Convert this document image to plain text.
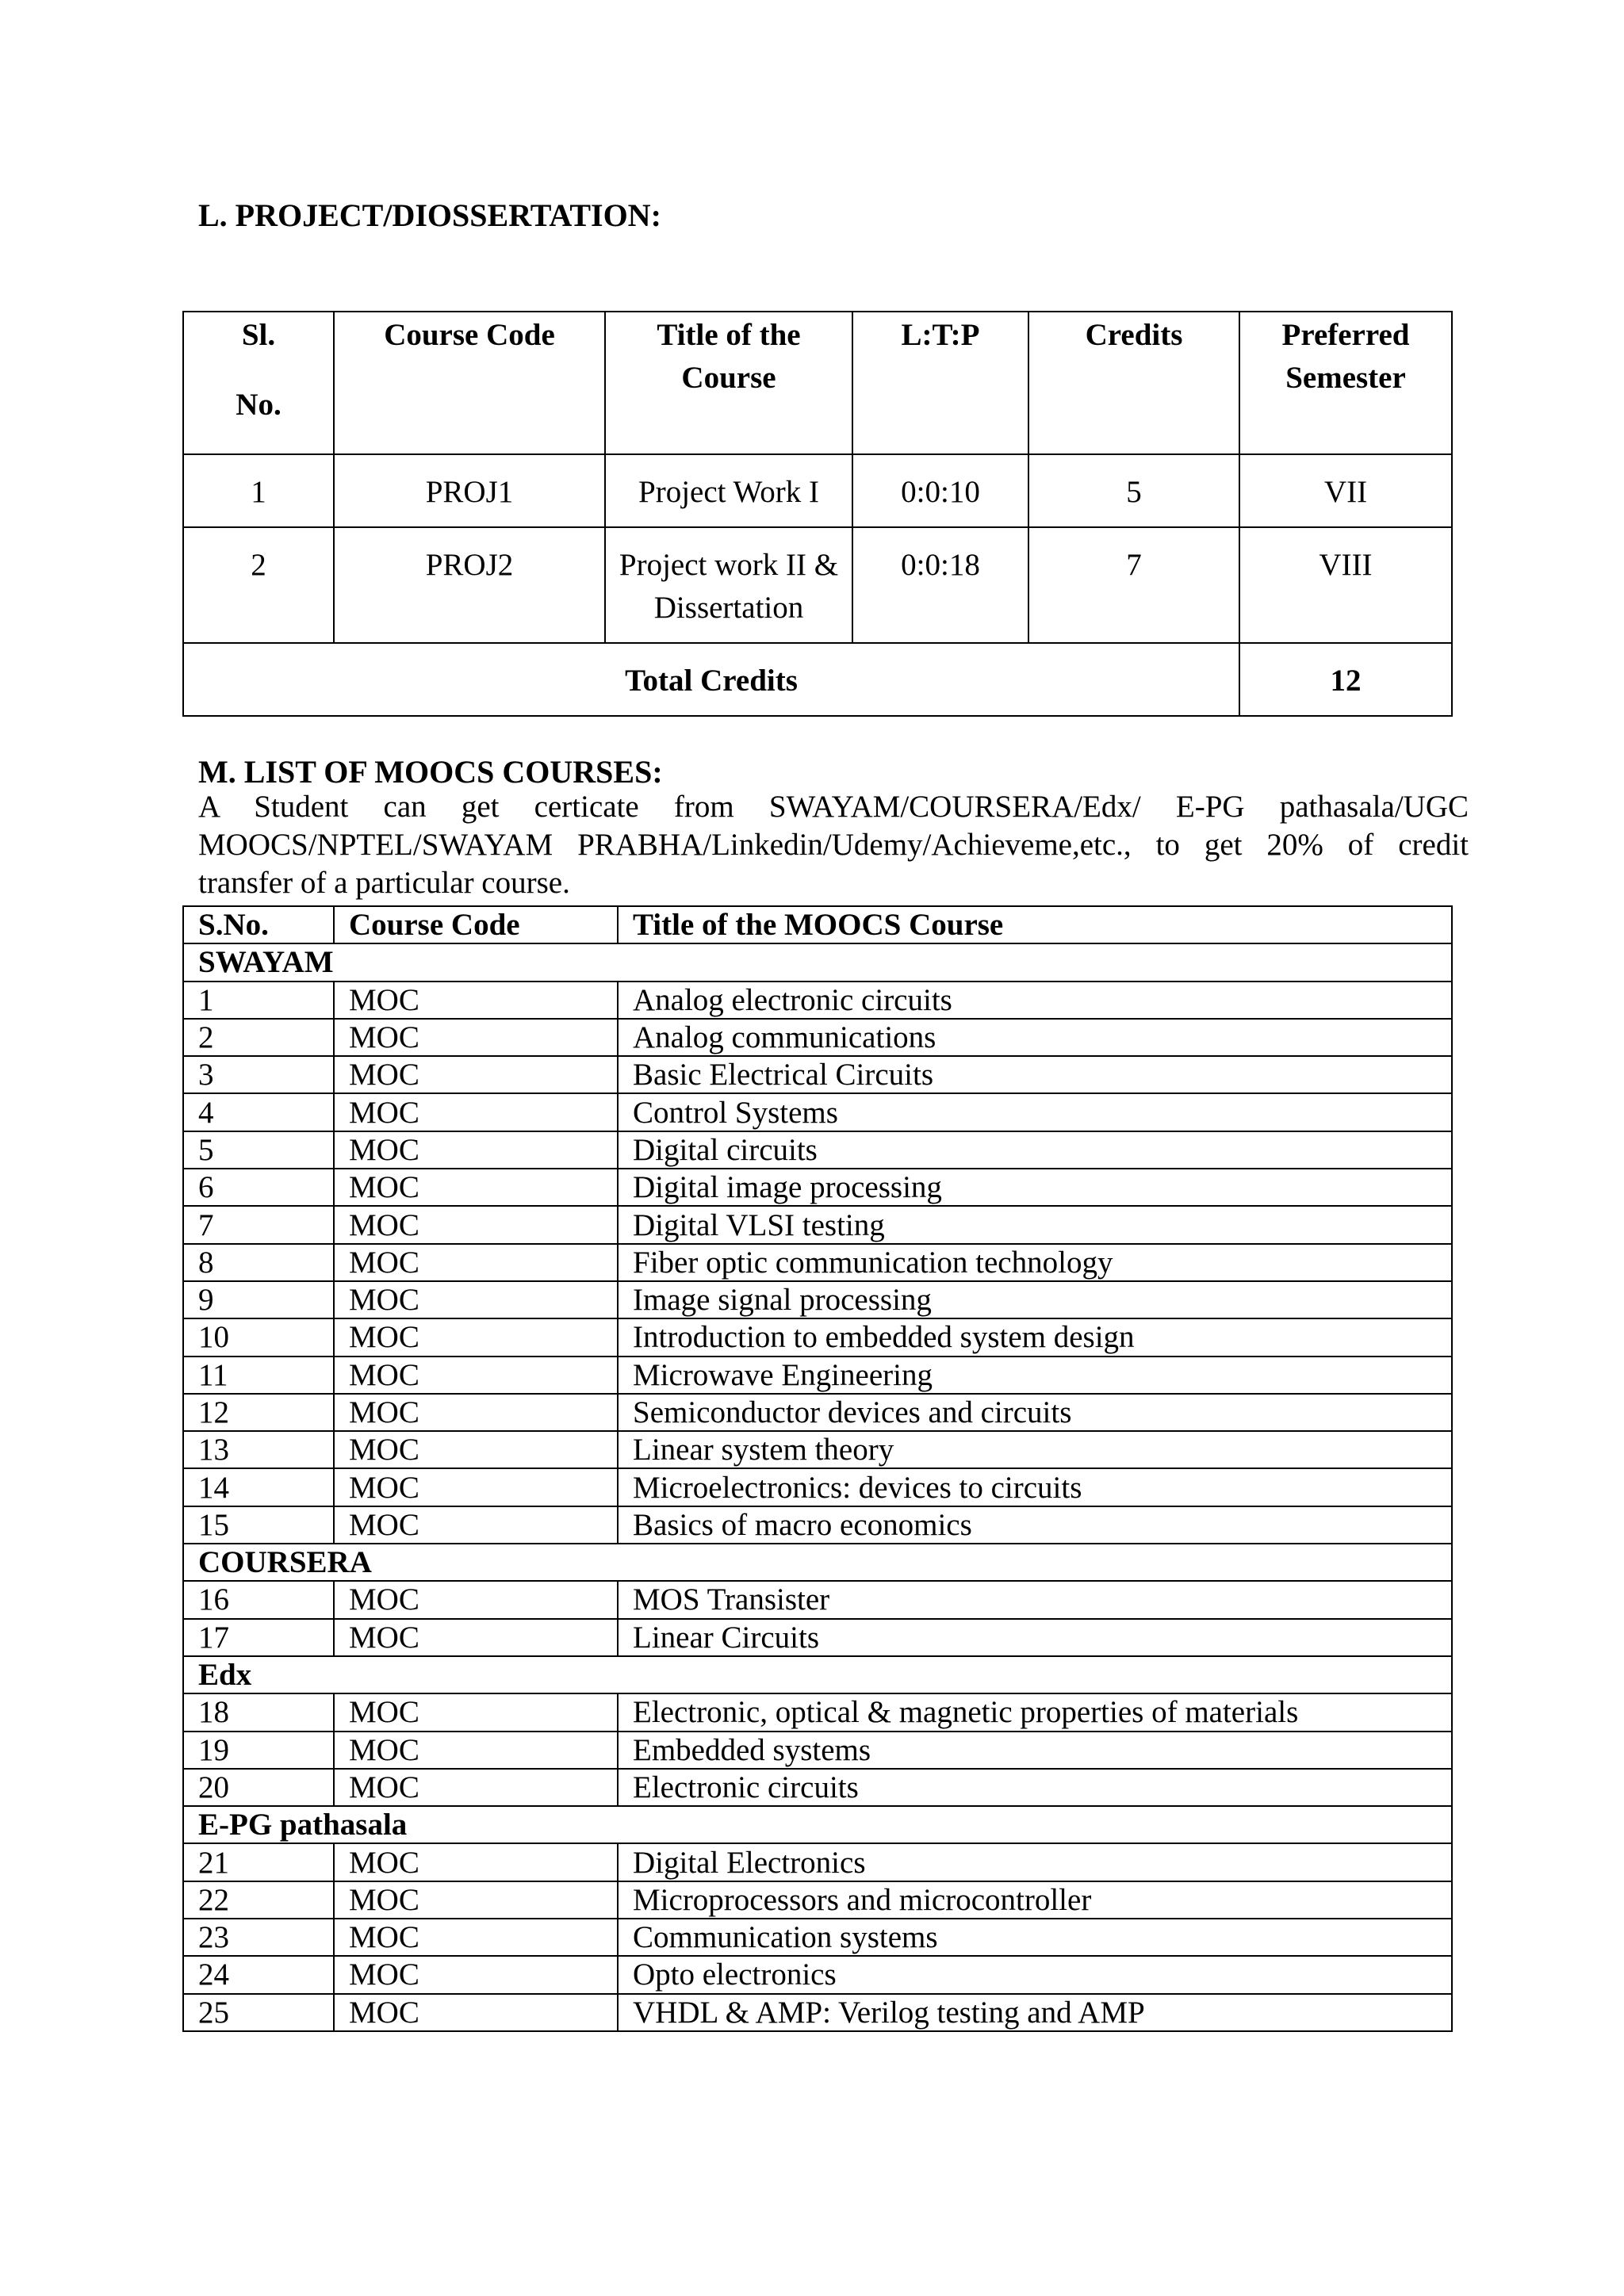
L. PROJECT/DIOSSERTATION:
Sl.
No.	Course Code	Title of the Course	L:T:P	Credits	Preferred Semester
1	PROJ1	Project Work I	0:0:10	5	VII
2	PROJ2	Project work II & Dissertation	0:0:18	7	VIII
Total Credits					12
M. LIST OF MOOCS COURSES:
A Student can get certicate from SWAYAM/COURSERA/Edx/ E-PG pathasala/UGC MOOCS/NPTEL/SWAYAM PRABHA/Linkedin/Udemy/Achieveme,etc., to get 20% of credit transfer of a particular course.
S.No.	Course Code	Title of the MOOCS Course
SWAYAM		
1	MOC	Analog electronic circuits
2	MOC	Analog communications
3	MOC	Basic Electrical Circuits
4	MOC	Control Systems
5	MOC	Digital circuits
6	MOC	Digital image processing
7	MOC	Digital VLSI testing
8	MOC	Fiber optic communication technology
9	MOC	Image signal processing
10	MOC	Introduction to embedded system design
11	MOC	Microwave Engineering
12	MOC	Semiconductor devices and circuits
13	MOC	Linear system theory
14	MOC	Microelectronics: devices to circuits
15	MOC	Basics of macro economics
COURSERA		
16	MOC	MOS Transister
17	MOC	Linear Circuits
Edx		
18	MOC	Electronic, optical & magnetic properties of materials
19	MOC	Embedded systems
20	MOC	Electronic circuits
E-PG pathasala		
21	MOC	Digital Electronics
22	MOC	Microprocessors and microcontroller
23	MOC	Communication systems
24	MOC	Opto electronics
25	MOC	VHDL & AMP: Verilog testing and AMP
